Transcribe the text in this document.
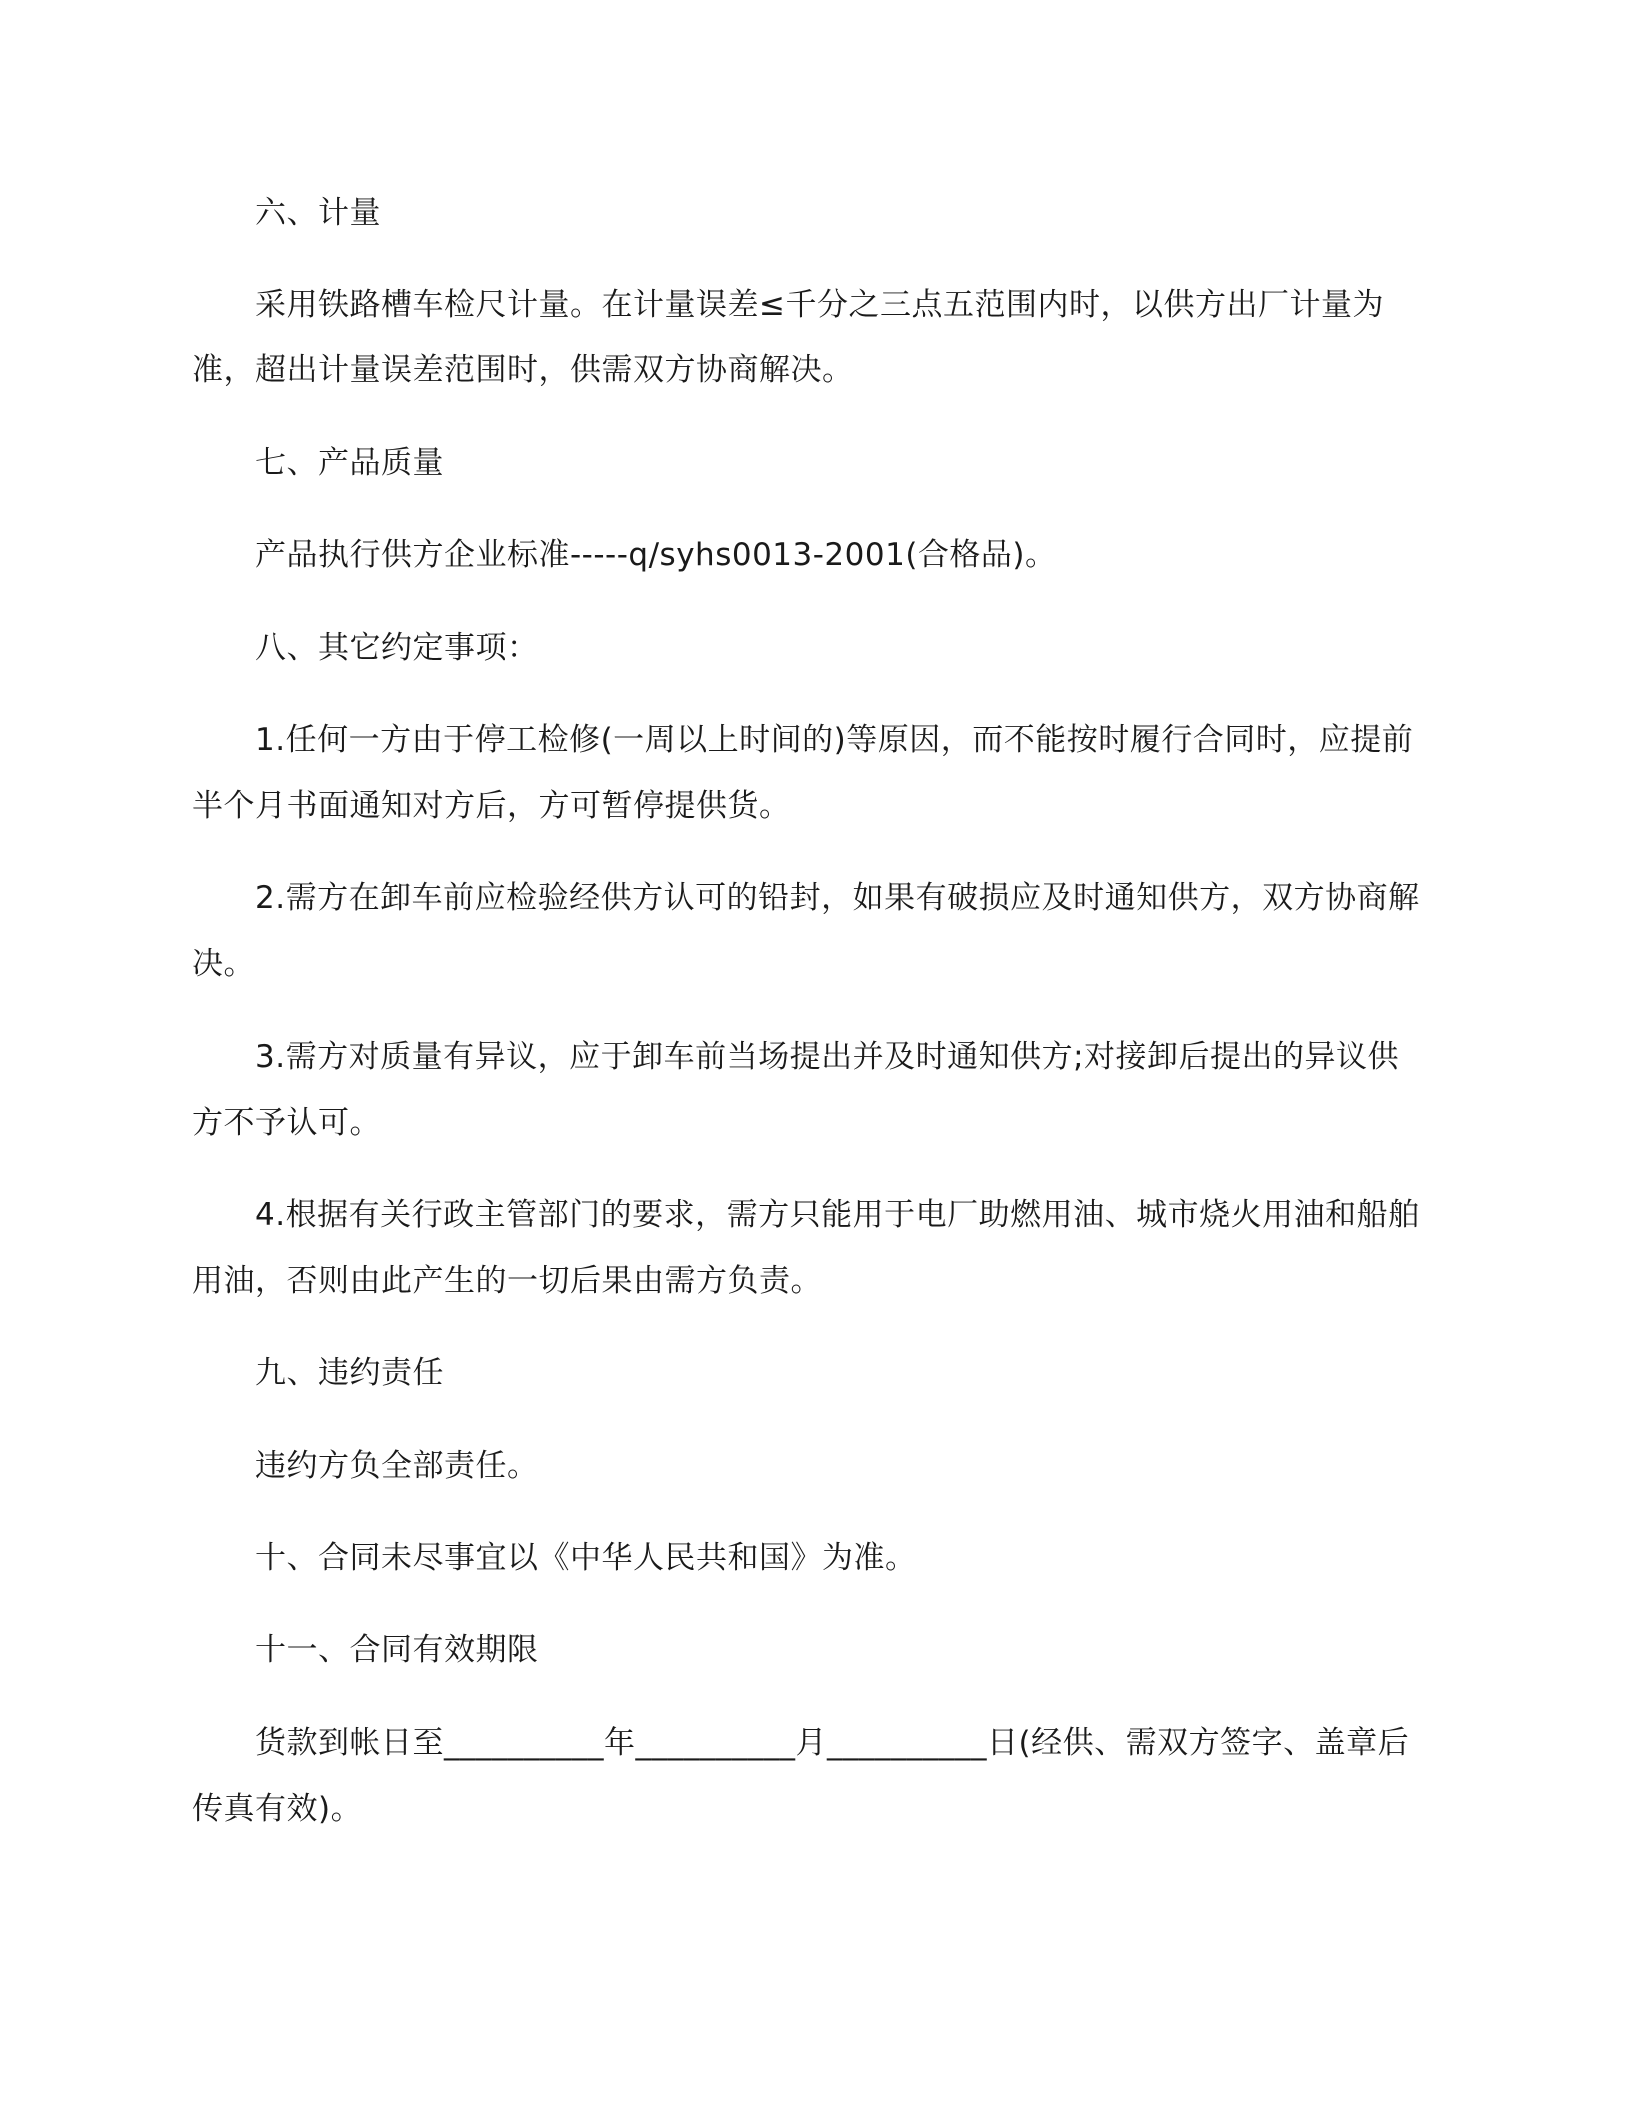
六、计量

采用铁路槽车检尺计量。在计量误差≤千分之三点五范围内时，以供方出厂计量为

准，超出计量误差范围时，供需双方协商解决。

七、产品质量

产品执行供方企业标准-----q/syhs0013-2001(合格品)。

八、其它约定事项：

1.任何一方由于停工检修(一周以上时间的)等原因，而不能按时履行合同时，应提前

半个月书面通知对方后，方可暂停提供货。

2.需方在卸车前应检验经供方认可的铅封，如果有破损应及时通知供方，双方协商解

决。

3.需方对质量有异议，应于卸车前当场提出并及时通知供方;对接卸后提出的异议供

方不予认可。

4.根据有关行政主管部门的要求，需方只能用于电厂助燃用油、城市烧火用油和船舶

用油，否则由此产生的一切后果由需方负责。

九、违约责任

违约方负全部责任。

十、合同未尽事宜以《中华人民共和国》为准。

十一、合同有效期限

货款到帐日至__________年__________月__________日(经供、需双方签字、盖章后

传真有效)。
